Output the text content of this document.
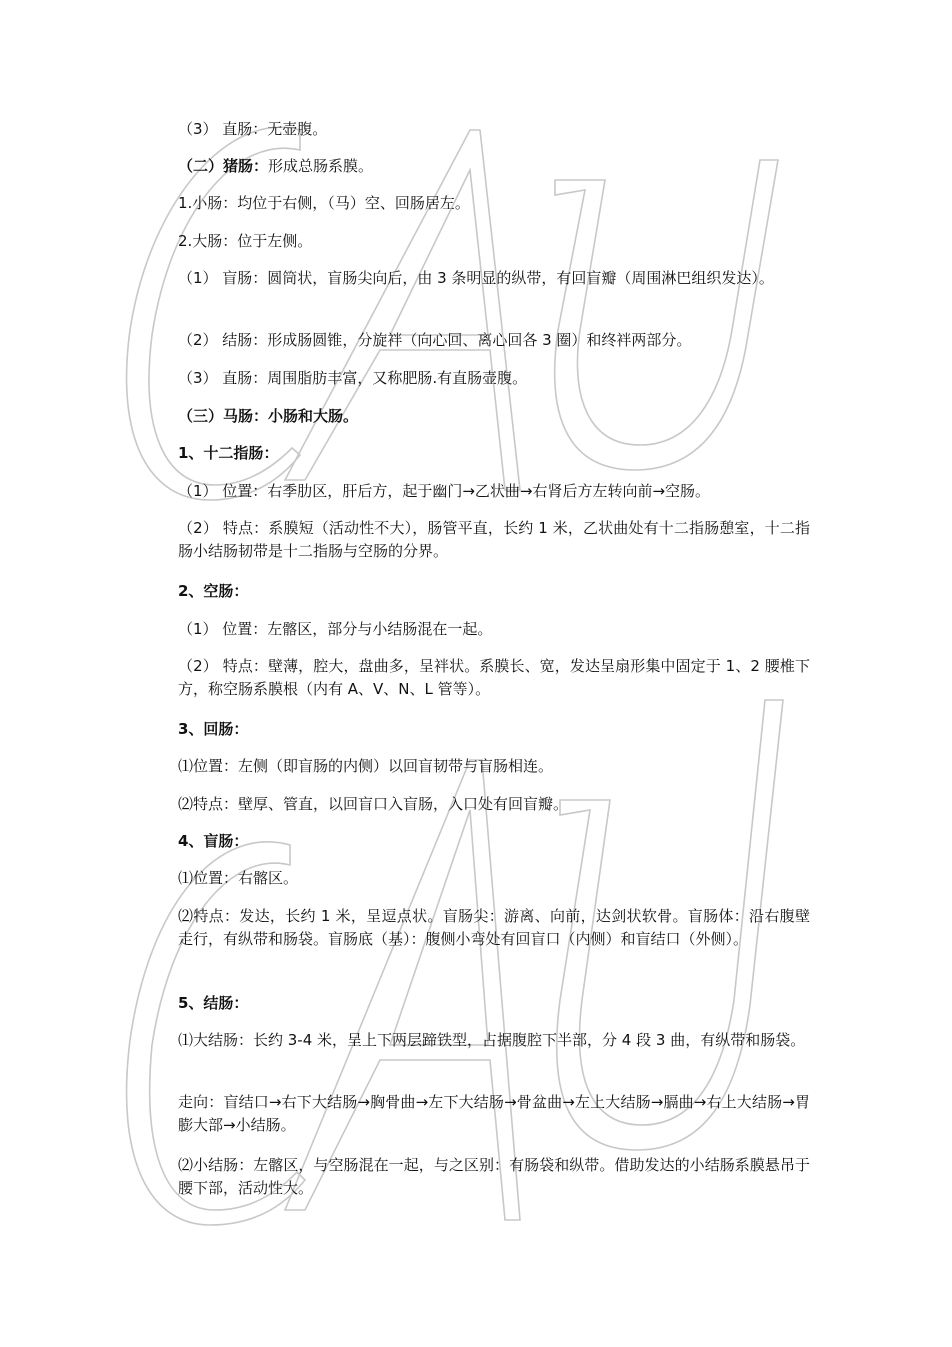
（3） 直肠：无壶腹。

（二）猪肠：形成总肠系膜。

1.小肠：均位于右侧，（马）空、回肠居左。

2.大肠：位于左侧。

（1） 盲肠：圆筒状，盲肠尖向后，由 3 条明显的纵带，有回盲瓣（周围淋巴组织发达）。

（2） 结肠：形成肠圆锥，分旋袢（向心回、离心回各 3 圈）和终袢两部分。

（3） 直肠：周围脂肪丰富，又称肥肠.有直肠壶腹。

（三）马肠：小肠和大肠。

1、十二指肠：

（1） 位置：右季肋区，肝后方，起于幽门→乙状曲→右肾后方左转向前→空肠。

（2） 特点：系膜短（活动性不大），肠管平直，长约 1 米，乙状曲处有十二指肠憩室，十二指肠小结肠韧带是十二指肠与空肠的分界。

2、空肠：

（1） 位置：左髂区，部分与小结肠混在一起。

（2） 特点：壁薄，腔大，盘曲多，呈袢状。系膜长、宽，发达呈扇形集中固定于 1、2 腰椎下方，称空肠系膜根（内有 A、V、N、L 管等）。

3、回肠：

⑴位置：左侧（即盲肠的内侧）以回盲韧带与盲肠相连。

⑵特点：壁厚、管直，以回盲口入盲肠，入口处有回盲瓣。

4、盲肠：

⑴位置：右髂区。

⑵特点：发达，长约 1 米，呈逗点状。盲肠尖：游离、向前，达剑状软骨。盲肠体：沿右腹壁走行，有纵带和肠袋。盲肠底（基）：腹侧小弯处有回盲口（内侧）和盲结口（外侧）。

5、结肠：

⑴大结肠：长约 3-4 米，呈上下两层蹄铁型，占据腹腔下半部，分 4 段 3 曲，有纵带和肠袋。

走向：盲结口→右下大结肠→胸骨曲→左下大结肠→骨盆曲→左上大结肠→膈曲→右上大结肠→胃膨大部→小结肠。

⑵小结肠：左髂区，与空肠混在一起，与之区别：有肠袋和纵带。借助发达的小结肠系膜悬吊于腰下部，活动性大。
